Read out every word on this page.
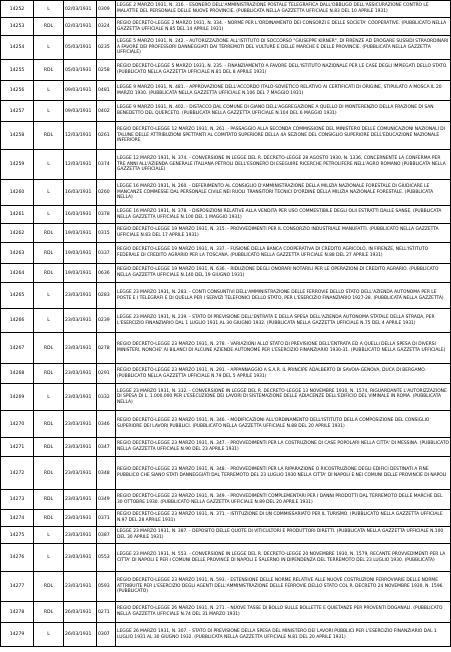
14252	L	02/03/1931	0309	LEGGE 2 MARZO 1931, N. 316. - ESONERO DELL'AMMINISTRAZIONE POSTALE TELEGRAFICA DALL'OBBLIGO DELL'ASSICURAZIONE CONTRO LE MALATTIE DEL PERSONALE DELLE NUOVE PROVINCIE. (PUBBLICATA NELLA GAZZETTA UFFICIALE N.83 DEL 10 APRILE 1931)
14253	RDL	02/03/1931	0324	REGIO DECRETO-LEGGE 2 MARZO 1931, N. 334. - NORME PER L'ORDINAMENTO DEI CONSORZI E DELLE SOCIETA' COOPERATIVE. (PUBBLICATO NELLA GAZZETTA UFFICIALE N.85 DEL 14 APRILE 1931)
14254	L	05/03/1931	0235	LEGGE 5 MARZO 1931, N. 242. - AUTORIZZAZIONE ALL'ISTITUTO DI SOCCORSO "GIUSEPPE KIRNER", DI FIRENZE AD EROGARE SUSSIDI STRAORDINARI A FAVORE DEI PROFESSORI DANNEGGIATI DAI TERREMOTI DEL VULTURE E DELLE MARCHE E DELLE PROVINCIE. (PUBBLICATA NELLA GAZZETTA UFFICIALE)
14255	RDL	05/03/1931	0258	REGIO DECRETO-LEGGE 5 MARZO 1931, N. 235. - FINANZIAMENTO A FAVORE DELL'ISTITUTO NAZIONALE PER LE CASE DEGLI IMPIEGATI DELLO STATO. (PUBBLICATO NELLA GAZZETTA UFFICIALE N.81 DEL 8 APRILE 1931)
14256	L	09/03/1931	0481	LEGGE 9 MARZO 1931, N. 481. - APPROVAZIONE DELL'ACCORDO ITALO-SOVIETICO RELATIVO AI CERTIFICATI DI ORIGINE, STIPULATO A MOSCA IL 20 MARZO 1930. (PUBBLICATA NELLA GAZZETTA UFFICIALE N.106 DEL 7 MAGGIO 1931)
14257	L	09/03/1931	0402	LEGGE 9 MARZO 1931, N. 402. - DISTACCO DAL COMUNE DI GIANO DELL'AGGREGAZIONE A QUELLO DI MONTERENZIO DELLA FRAZIONE DI SAN BENEDETTO DEL QUERCETO. (PUBBLICATA NELLA GAZZETTA UFFICIALE N.104 DEL 6 MAGGIO 1931)
14258	RDL	12/03/1931	0261	REGIO DECRETO-LEGGE 12 MARZO 1931, N. 261. - PASSAGGIO ALLA SECONDA COMMISSIONE DEL MINISTERO DELLE COMUNICAZIONI NAZIONALI DI TALUNE DELLE ATTRIBUZIONI SPETTANTI AL COMITATO SUPERIORE DELLA 4A SEZIONE DEL CONSIGLIO SUPERIORE DELL'EDUCAZIONE NAZIONALE INFERIORE
14259	L	12/03/1931	0374	LEGGE 12 MARZO 1931, N. 374. - CONVERSIONE IN LEGGE DEL R. DECRETO-LEGGE 28 AGOSTO 1930, N. 1336, CONCERNENTE LA CONFERMA PER TRE ANNI ALL'AZIENDA GENERALE ITALIANA PETROLI DELL'ESONERO DI ESEGUIRE RICERCHE PETROLIFERE NELL'AGRO ROMANO (PUBBLICATA NELLA GAZZETTA UFFICIALE)
14260	L	16/03/1931	0260	LEGGE 16 MARZO 1931, N. 260. - DEFERIMENTO AL CONSIGLIO D'AMMINISTRAZIONE DELLA MILIZIA NAZIONALE FORESTALE DI GIUDICARE LE MANCANZE COMMESSE DAL PERSONALE CIVILE NEI RUOLI TRANSITORI TECNICI D'ORDINE DELLA MILIZIA NAZIONALE FORESTALE. (PUBBLICATA NELLA)
14261	L	16/03/1931	0378	LEGGE 16 MARZO 1931, N. 378. - DISPOSIZIONI RELATIVE ALLA VENDITA PER USO COMMESTIBILE DEGLI OLII ESTRATTI DALLE SANSE. (PUBBLICATA NELLA GAZZETTA UFFICIALE N.100 DEL 1 MAGGIO 1931)
14262	RDL	19/03/1931	0315	REGIO DECRETO-LEGGE 19 MARZO 1931, N. 315. - PROVVEDIMENTI PER IL CONSORZIO INDUSTRIALE MANUFATTI. (PUBBLICATO NELLA GAZZETTA UFFICIALE N.83 DEL 17 APRILE 1931)
14263	RDL	19/03/1931	0337	REGIO DECRETO-LEGGE 19 MARZO 1931, N. 337. - FUSIONE DELLA BANCA COOPERATIVA DI CREDITO AGRICOLO, IN FIRENZE, NELL'ISTITUTO FEDERALE DI CREDITO AGRARIO PER LA TOSCANA. (PUBBLICATO NELLA GAZZETTA UFFICIALE N.88 DEL 27 APRILE 1931)
14264	RDL	19/03/1931	0636	REGIO DECRETO-LEGGE 19 MARZO 1931, N. 636. - RIDUZIONE DEGLI ONORARI NOTARILI PER LE OPERAZIONI DI CREDITO AGRARIO. (PUBBLICATO NELLA GAZZETTA UFFICIALE N.140 DEL 19 GIUGNO 1931)
14265	L	23/03/1931	0283	LEGGE 23 MARZO 1931, N. 283. - CONTI CONSUNTIVI DELL'AMMINISTRAZIONE DELLE FERROVIE DELLO STATO DELL'AZIENDA AUTONOMA PER LE POSTE E I TELEGRAFI E DI QUELLA PER I SERVIZI TELEFONICI DELLO STATO, PER L'ESERCIZIO FINANZIARIO 1927-28. (PUBBLICATA NELLA GAZZETTA)
14266	L	23/03/1931	0239	LEGGE 23 MARZO 1931, N. 239. - STATO DI PREVISIONE DELL'ENTRATA E DELLA SPESA DELL'AZIENDA AUTONOMA STATALE DELLA STRADA, PER L'ESERCIZIO FINANZIARIO DAL 1 LUGLIO 1931 AL 30 GIUGNO 1932. (PUBBLICATA NELLA GAZZETTA UFFICIALE N.75 DEL 4 APRILE 1931)
14267	RDL	23/03/1931	0278	REGIO DECRETO-LEGGE 23 MARZO 1931, N. 278. - VARIAZIONI ALLO STATO DI PREVISIONE DELL'ENTRATA ED A QUELLI DELLA SPESA DI DIVERSI MINISTERI, NONCHE' AI BILANCI DI ALCUNE AZIENDE AUTONOME PER L'ESERCIZIO FINANZIARIO 1930-31. (PUBBLICATO NELLA GAZZETTA UFFICIALE)
14268	RDL	23/03/1931	0291	REGIO DECRETO-LEGGE 23 MARZO 1931, N. 291. - APPANNAGGIO A S.A.R. IL PRINCIPE ADALBERTO DI SAVOIA-GENOVA, DUCA DI BERGAMO. (PUBBLICATO NELLA GAZZETTA UFFICIALE N.79 DEL 5 APRILE 1931)
14269	L	23/03/1931	0332	LEGGE 23 MARZO 1931, N. 332. - CONVERSIONE IN LEGGE DEL R. DECRETO-LEGGE 13 NOVEMBRE 1930, N. 1574, RIGUARDANTE L'AUTORIZZAZIONE DI SPESA DI L. 1.000.000 PER L'ESECUZIONE DEI LAVORI DI SISTEMAZIONE DELLE ADIACENZE DELL'EDIFICIO DEL VIMINALE IN ROMA. (PUBBLICATA NELLA)
14270	RDL	23/03/1931	0346	REGIO DECRETO-LEGGE 23 MARZO 1931, N. 346. - MODIFICAZIONI ALL'ORDINAMENTO DELL'ISTITUTO DELLA COMPOSIZIONE DEL CONSIGLIO SUPERIORE DEI LAVORI PUBBLICI. (PUBBLICATO NELLA GAZZETTA UFFICIALE N.88 DEL 20 APRILE 1931)
14271	RDL	23/03/1931	0347	REGIO DECRETO-LEGGE 23 MARZO 1931, N. 347. - PROVVEDIMENTI PER LA COSTRUZIONE DI CASE POPOLARI NELLA CITTA' DI MESSINA. (PUBBLICATO NELLA GAZZETTA UFFICIALE N.90 DEL 23 APRILE 1931)
14272	RDL	23/03/1931	0348	REGIO DECRETO-LEGGE 23 MARZO 1931, N. 348. - PROVVEDIMENTI PER LA RIPARAZIONE O RICOSTRUZIONE DEGLI EDIFICI DESTINATI A FINE PUBBLICO CHE SIANO STATI DANNEGGIATI DAL TERREMOTO DEL 23 LUGLIO 1930 NELLA CITTA' DI NAPOLI E NEI COMUNI DELLE PROVINCIE DI NAPOLI
14273	RDL	23/03/1931	0349	REGIO DECRETO-LEGGE 23 MARZO 1931, N. 349. - PROVVEDIMENTI COMPLEMENTARI PER I DANNI PRODOTTI DAL TERREMOTO DELLE MARCHE DEL 30 OTTOBRE 1930. (PUBBLICATO NELLA GAZZETTA UFFICIALE N.89 DEL 20 APRILE 1931)
14274	RDL	23/03/1931	0371	REGIO DECRETO-LEGGE 23 MARZO 1931, N. 371. - ISTITUZIONE DI UN COMMISSARIATO PER IL TURISMO. (PUBBLICATO NELLA GAZZETTA UFFICIALE N.97 DEL 28 APRILE 1931)
14275	L	23/03/1931	0387	LEGGE 23 MARZO 1931, N. 387. - DEPOSITO DELLE QUOTE DI VITICULTORI E PRODUTTORI DIRETTI. (PUBBLICATA NELLA GAZZETTA UFFICIALE N.100 DEL 30 APRILE 1931)
14276	L	23/03/1931	0553	LEGGE 23 MARZO 1931, N. 553. - CONVERSIONE IN LEGGE DEL R. DECRETO-LEGGE 20 NOVEMBRE 1930, N. 1579, RECANTE PROVVEDIMENTI PER LA CITTA' DI NAPOLI E PER I COMUNI DELLE PROVINCE DI NAPOLI E SALERNO IN DIPENDENZA DEL TERREMOTO DEL 23 LUGLIO 1930. (PUBBLICATA)
14277	RDL	23/03/1931	0593	REGIO DECRETO-LEGGE 23 MARZO 1931, N. 593. - ESTENSIONE DELLE NORME RELATIVE ALLE NUOVE COSTRUZIONI FERROVIARIE DELLE NORME ATTRIBUITE PER L'ESERCIZIO DEGLI AGENTI DELL'AMMINISTRAZIONE DELLE FERROVIE DELLO STATO COL R. DECRETO 24 NOVEMBRE 1930, N. 1596. (PUBBLICATO)
14278	RDL	26/03/1931	0271	REGIO DECRETO-LEGGE 26 MARZO 1931, N. 271. - NUOVE TASSE DI BOLLO SULLE BOLLETTE E QUIETANZE PER PROVENTI DOGANALI. (PUBBLICATO NELLA GAZZETTA UFFICIALE N.74 DEL 31 MARZO 1931)
14279	L	26/03/1931	0307	LEGGE 26 MARZO 1931, N. 307. - STATO DI PREVISIONE DELLA SPESA DEL MINISTERO DEI LAVORI PUBBLICI PER L'ESERCIZIO FINANZIARIO DAL 1 LUGLIO 1931 AL 30 GIUGNO 1932. (PUBBLICATA NELLA GAZZETTA UFFICIALE N.81 DEL 20 APRILE 1931)
